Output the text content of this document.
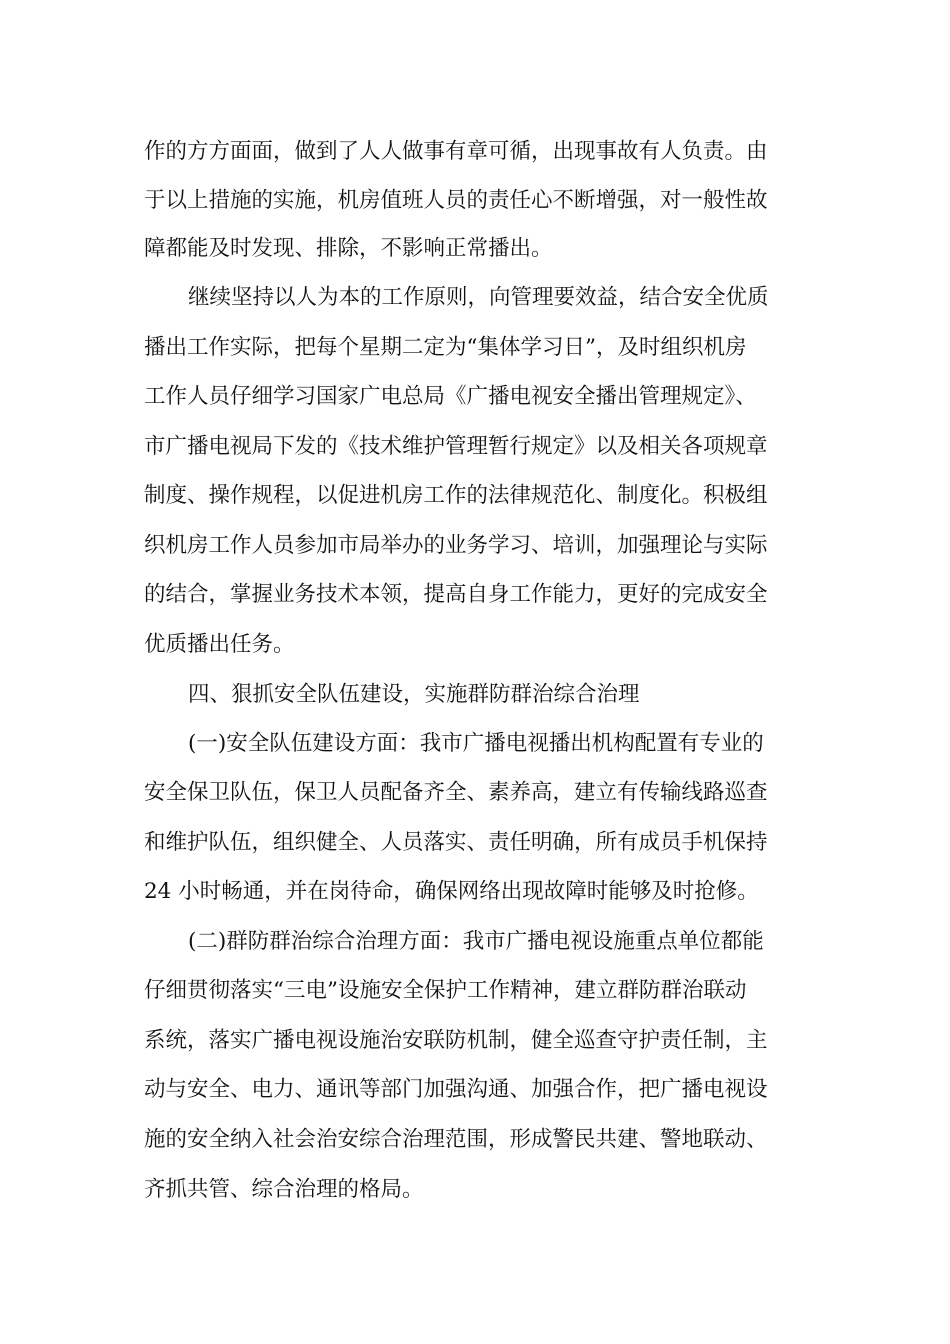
作的方方面面，做到了人人做事有章可循，出现事故有人负责。由
于以上措施的实施，机房值班人员的责任心不断增强，对一般性故
障都能及时发现、排除，不影响正常播出。
继续坚持以人为本的工作原则，向管理要效益，结合安全优质
播出工作实际，把每个星期二定为“集体学习日”，及时组织机房
工作人员仔细学习国家广电总局《广播电视安全播出管理规定》、
市广播电视局下发的《技术维护管理暂行规定》以及相关各项规章
制度、操作规程，以促进机房工作的法律规范化、制度化。积极组
织机房工作人员参加市局举办的业务学习、培训，加强理论与实际
的结合，掌握业务技术本领，提高自身工作能力，更好的完成安全
优质播出任务。
四、狠抓安全队伍建设，实施群防群治综合治理
(一)安全队伍建设方面：我市广播电视播出机构配置有专业的
安全保卫队伍，保卫人员配备齐全、素养高，建立有传输线路巡查
和维护队伍，组织健全、人员落实、责任明确，所有成员手机保持
24 小时畅通，并在岗待命，确保网络出现故障时能够及时抢修。
(二)群防群治综合治理方面：我市广播电视设施重点单位都能
仔细贯彻落实“三电”设施安全保护工作精神，建立群防群治联动
系统，落实广播电视设施治安联防机制，健全巡查守护责任制，主
动与安全、电力、通讯等部门加强沟通、加强合作，把广播电视设
施的安全纳入社会治安综合治理范围，形成警民共建、警地联动、
齐抓共管、综合治理的格局。
